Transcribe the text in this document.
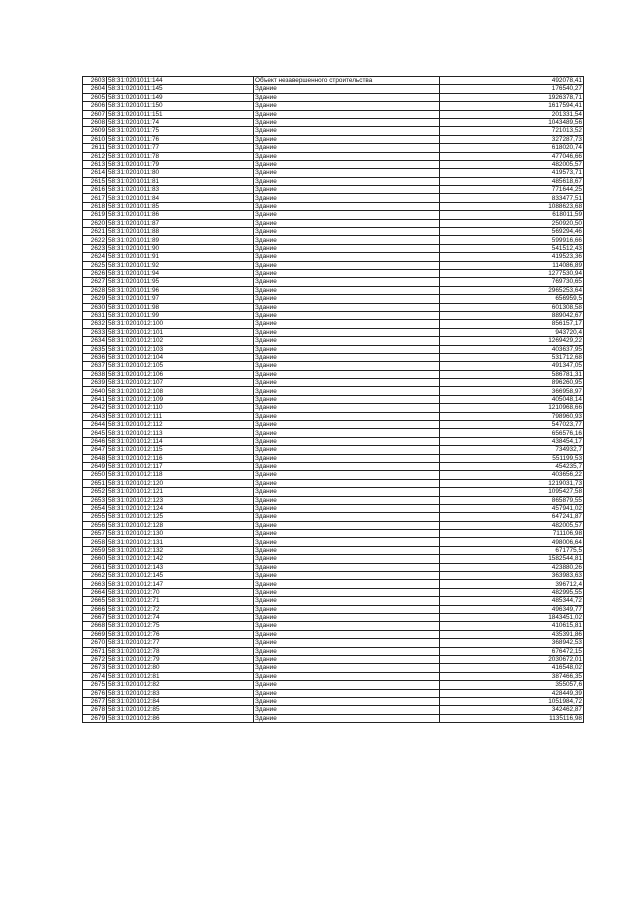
2603	58:31:0201011:144	Объект незавершенного строительства	492078,41
2604	58:31:0201011:145	Здание	176540,27
2605	58:31:0201011:149	Здание	1926378,71
2606	58:31:0201011:150	Здание	1617594,41
2607	58:31:0201011:151	Здание	201331,54
2608	58:31:0201011:74	Здание	1043489,56
2609	58:31:0201011:75	Здание	721013,52
2610	58:31:0201011:76	Здание	327287,73
2611	58:31:0201011:77	Здание	618020,74
2612	58:31:0201011:78	Здание	477046,66
2613	58:31:0201011:79	Здание	482005,57
2614	58:31:0201011:80	Здание	419573,71
2615	58:31:0201011:81	Здание	485618,67
2616	58:31:0201011:83	Здание	771644,25
2617	58:31:0201011:84	Здание	833477,51
2618	58:31:0201011:85	Здание	1088623,68
2619	58:31:0201011:86	Здание	618011,59
2620	58:31:0201011:87	Здание	250920,50
2621	58:31:0201011:88	Здание	569294,46
2622	58:31:0201011:89	Здание	599916,66
2623	58:31:0201011:90	Здание	541512,43
2624	58:31:0201011:91	Здание	419523,36
2625	58:31:0201011:92	Здание	114086,89
2626	58:31:0201011:94	Здание	1277530,94
2627	58:31:0201011:95	Здание	769730,65
2628	58:31:0201011:96	Здание	2965253,64
2629	58:31:0201011:97	Здание	656959,5
2630	58:31:0201011:98	Здание	601308,58
2631	58:31:0201011:99	Здание	889042,67
2632	58:31:0201012:100	Здание	856157,17
2633	58:31:0201012:101	Здание	943720,4
2634	58:31:0201012:102	Здание	1269429,22
2635	58:31:0201012:103	Здание	403637,95
2636	58:31:0201012:104	Здание	531712,68
2637	58:31:0201012:105	Здание	491347,05
2638	58:31:0201012:106	Здание	586781,31
2639	58:31:0201012:107	Здание	896260,95
2640	58:31:0201012:108	Здание	366958,97
2641	58:31:0201012:109	Здание	405048,14
2642	58:31:0201012:110	Здание	1210968,66
2643	58:31:0201012:111	Здание	798960,93
2644	58:31:0201012:112	Здание	547023,77
2645	58:31:0201012:113	Здание	656576,16
2646	58:31:0201012:114	Здание	438454,17
2647	58:31:0201012:115	Здание	734932,7
2648	58:31:0201012:116	Здание	551199,53
2649	58:31:0201012:117	Здание	454235,7
2650	58:31:0201012:118	Здание	403656,22
2651	58:31:0201012:120	Здание	1219031,73
2652	58:31:0201012:121	Здание	1095427,58
2653	58:31:0201012:123	Здание	865879,55
2654	58:31:0201012:124	Здание	457941,02
2655	58:31:0201012:125	Здание	647241,87
2656	58:31:0201012:128	Здание	482005,57
2657	58:31:0201012:130	Здание	711106,98
2658	58:31:0201012:131	Здание	498006,64
2659	58:31:0201012:132	Здание	671775,5
2660	58:31:0201012:142	Здание	1582544,81
2661	58:31:0201012:143	Здание	423880,26
2662	58:31:0201012:145	Здание	363983,63
2663	58:31:0201012:147	Здание	396712,4
2664	58:31:0201012:70	Здание	482995,55
2665	58:31:0201012:71	Здание	485344,72
2666	58:31:0201012:72	Здание	496349,77
2667	58:31:0201012:74	Здание	1843451,02
2668	58:31:0201012:75	Здание	410615,81
2669	58:31:0201012:76	Здание	435391,86
2670	58:31:0201012:77	Здание	368942,53
2671	58:31:0201012:78	Здание	676472,15
2672	58:31:0201012:79	Здание	2030672,01
2673	58:31:0201012:80	Здание	416548,02
2674	58:31:0201012:81	Здание	387466,35
2675	58:31:0201012:82	Здание	355057,6
2676	58:31:0201012:83	Здание	428449,39
2677	58:31:0201012:84	Здание	1051984,72
2678	58:31:0201012:85	Здание	342462,87
2679	58:31:0201012:86	Здание	1135116,98
